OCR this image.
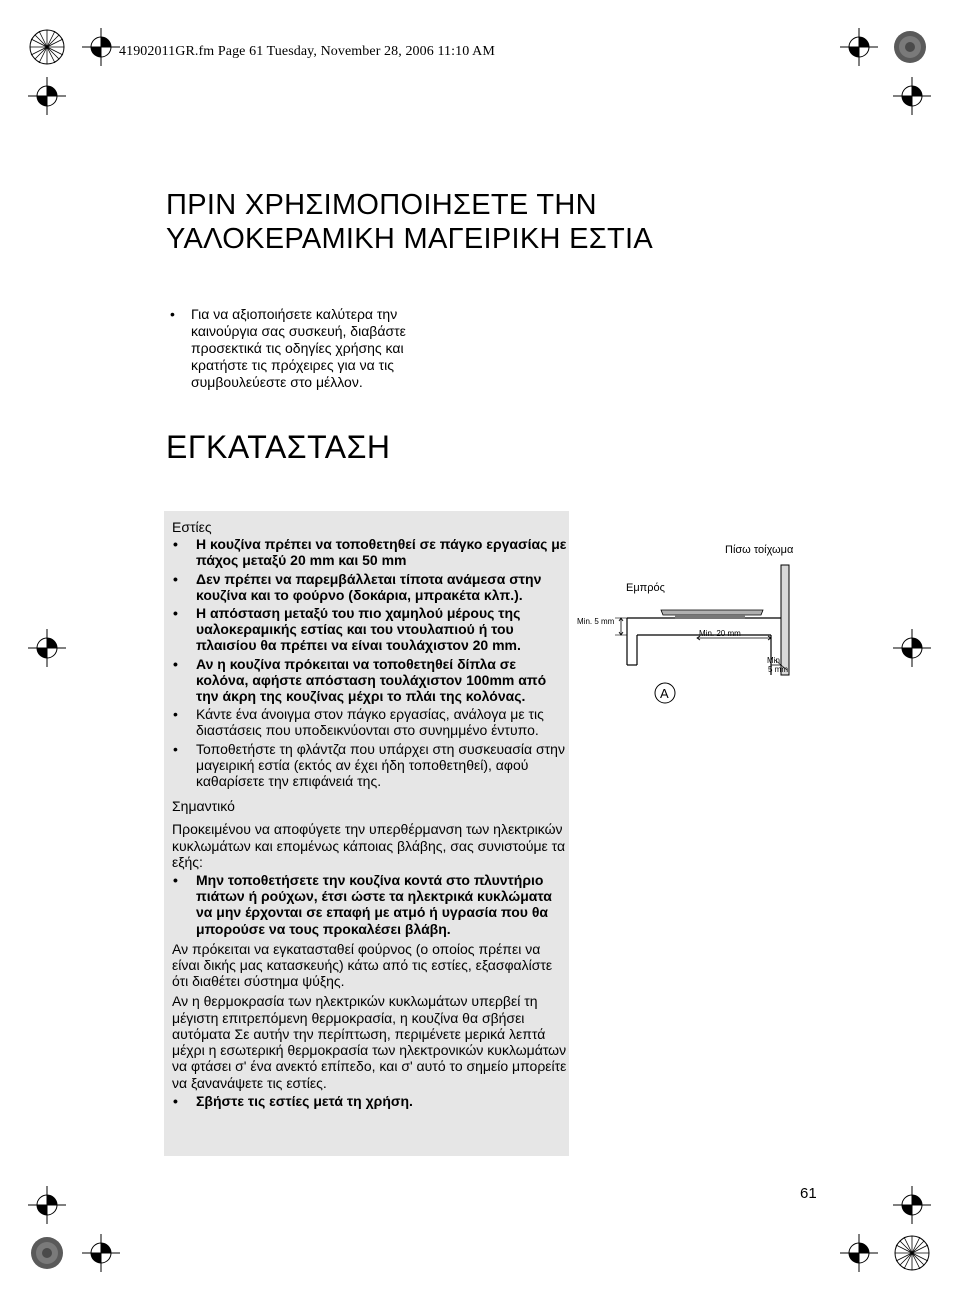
41902011GR.fm Page 61 Tuesday, November 28, 2006 11:10 AM
ΠΡΙΝ ΧΡΗΣΙΜΟΠΟΙΗΣΕΤΕ ΤΗΝ
ΥΑΛΟΚΕΡΑΜΙΚΗ ΜΑΓΕΙΡΙΚΗ ΕΣΤΙΑ
• Για να αξιοποιήσετε καλύτερα την καινούργια σας συσκευή, διαβάστε προσεκτικά τις οδηγίες χρήσης και κρατήστε τις πρόχειρες για να τις συμβουλεύεστε στο μέλλον.
ΕΓΚΑΤΑΣΤΑΣΗ
Εστίες
• Η κουζίνα πρέπει να τοποθετηθεί σε πάγκο εργασίας με πάχος μεταξύ 20 mm και 50 mm
• Δεν πρέπει να παρεμβάλλεται τίποτα ανάμεσα στην κουζίνα και το φούρνο (δοκάρια, μπρακέτα κλπ.).
• Η απόσταση μεταξύ του πιο χαμηλού μέρους της υαλοκεραμικής εστίας και του ντουλαπιού ή του πλαισίου θα πρέπει να είναι τουλάχιστον 20 mm.
• Αν η κουζίνα πρόκειται να τοποθετηθεί δίπλα σε κολόνα, αφήστε απόσταση τουλάχιστον 100mm από την άκρη της κουζίνας μέχρι το πλάι της κολόνας.
• Κάντε ένα άνοιγμα στον πάγκο εργασίας, ανάλογα με τις διαστάσεις που υποδεικνύονται στο συνημμένο έντυπο.
• Τοποθετήστε τη φλάντζα που υπάρχει στη συσκευασία στην μαγειρική εστία (εκτός αν έχει ήδη τοποθετηθεί), αφού καθαρίσετε την επιφάνειά της.
Σημαντικό

Προκειμένου να αποφύγετε την υπερθέρμανση των ηλεκτρικών κυκλωμάτων και επομένως κάποιας βλάβης, σας συνιστούμε τα εξής:

• Μην τοποθετήσετε την κουζίνα κοντά στο πλυντήριο πιάτων ή ρούχων, έτσι ώστε τα ηλεκτρικά κυκλώματα να μην έρχονται σε επαφή με ατμό ή υγρασία που θα μπορούσε να τους προκαλέσει βλάβη.

Αν πρόκειται να εγκατασταθεί φούρνος (ο οποίος πρέπει να είναι δικής μας κατασκευής) κάτω από τις εστίες, εξασφαλίστε ότι διαθέτει σύστημα ψύξης.

Αν η θερμοκρασία των ηλεκτρικών κυκλωμάτων υπερβεί τη μέγιστη επιτρεπόμενη θερμοκρασία, η κουζίνα θα σβήσει αυτόματα Σε αυτήν την περίπτωση, περιμένετε μερικά λεπτά μέχρι η εσωτερική θερμοκρασία των ηλεκτρονικών κυκλωμάτων να φτάσει σ' ένα ανεκτό επίπεδο, και σ' αυτό το σημείο μπορείτε να ξανανάψετε τις εστίες.

• Σβήστε τις εστίες μετά τη χρήση.
Πίσω τοίχωμα
Εμπρός
Min. 5 mm
Min. 20 mm
Min.
5 mm
A
61
